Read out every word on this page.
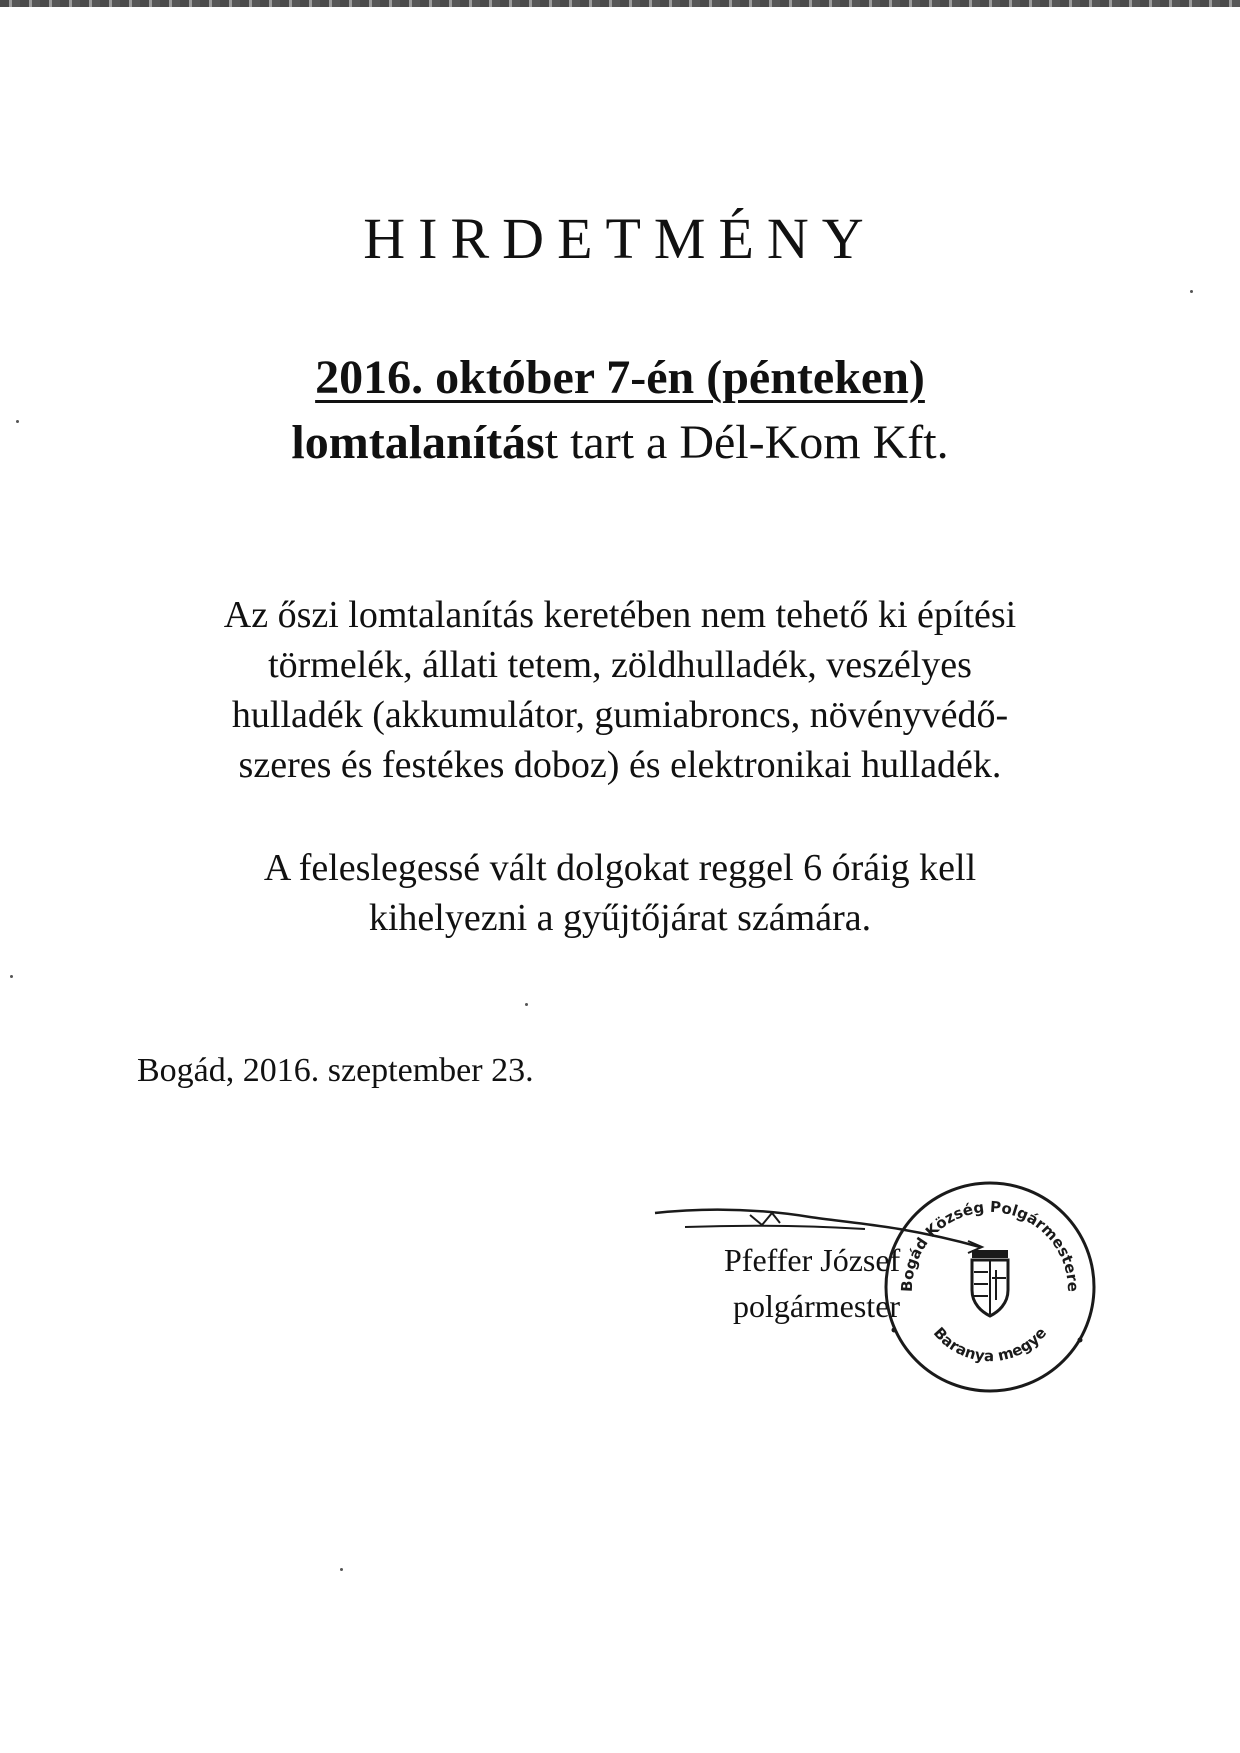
HIRDETMÉNY
2016. október 7-én (pénteken)
lomtalanítást tart a Dél-Kom Kft.
Az őszi lomtalanítás keretében nem tehető ki építési
törmelék, állati tetem, zöldhulladék, veszélyes
hulladék (akkumulátor, gumiabroncs, növényvédő-
szeres és festékes doboz) és elektronikai hulladék.
A feleslegessé vált dolgokat reggel 6 óráig kell
kihelyezni a gyűjtőjárat számára.
Bogád, 2016. szeptember 23.
Pfeffer József
polgármester
Bogád Község Polgármestere
Baranya megye
